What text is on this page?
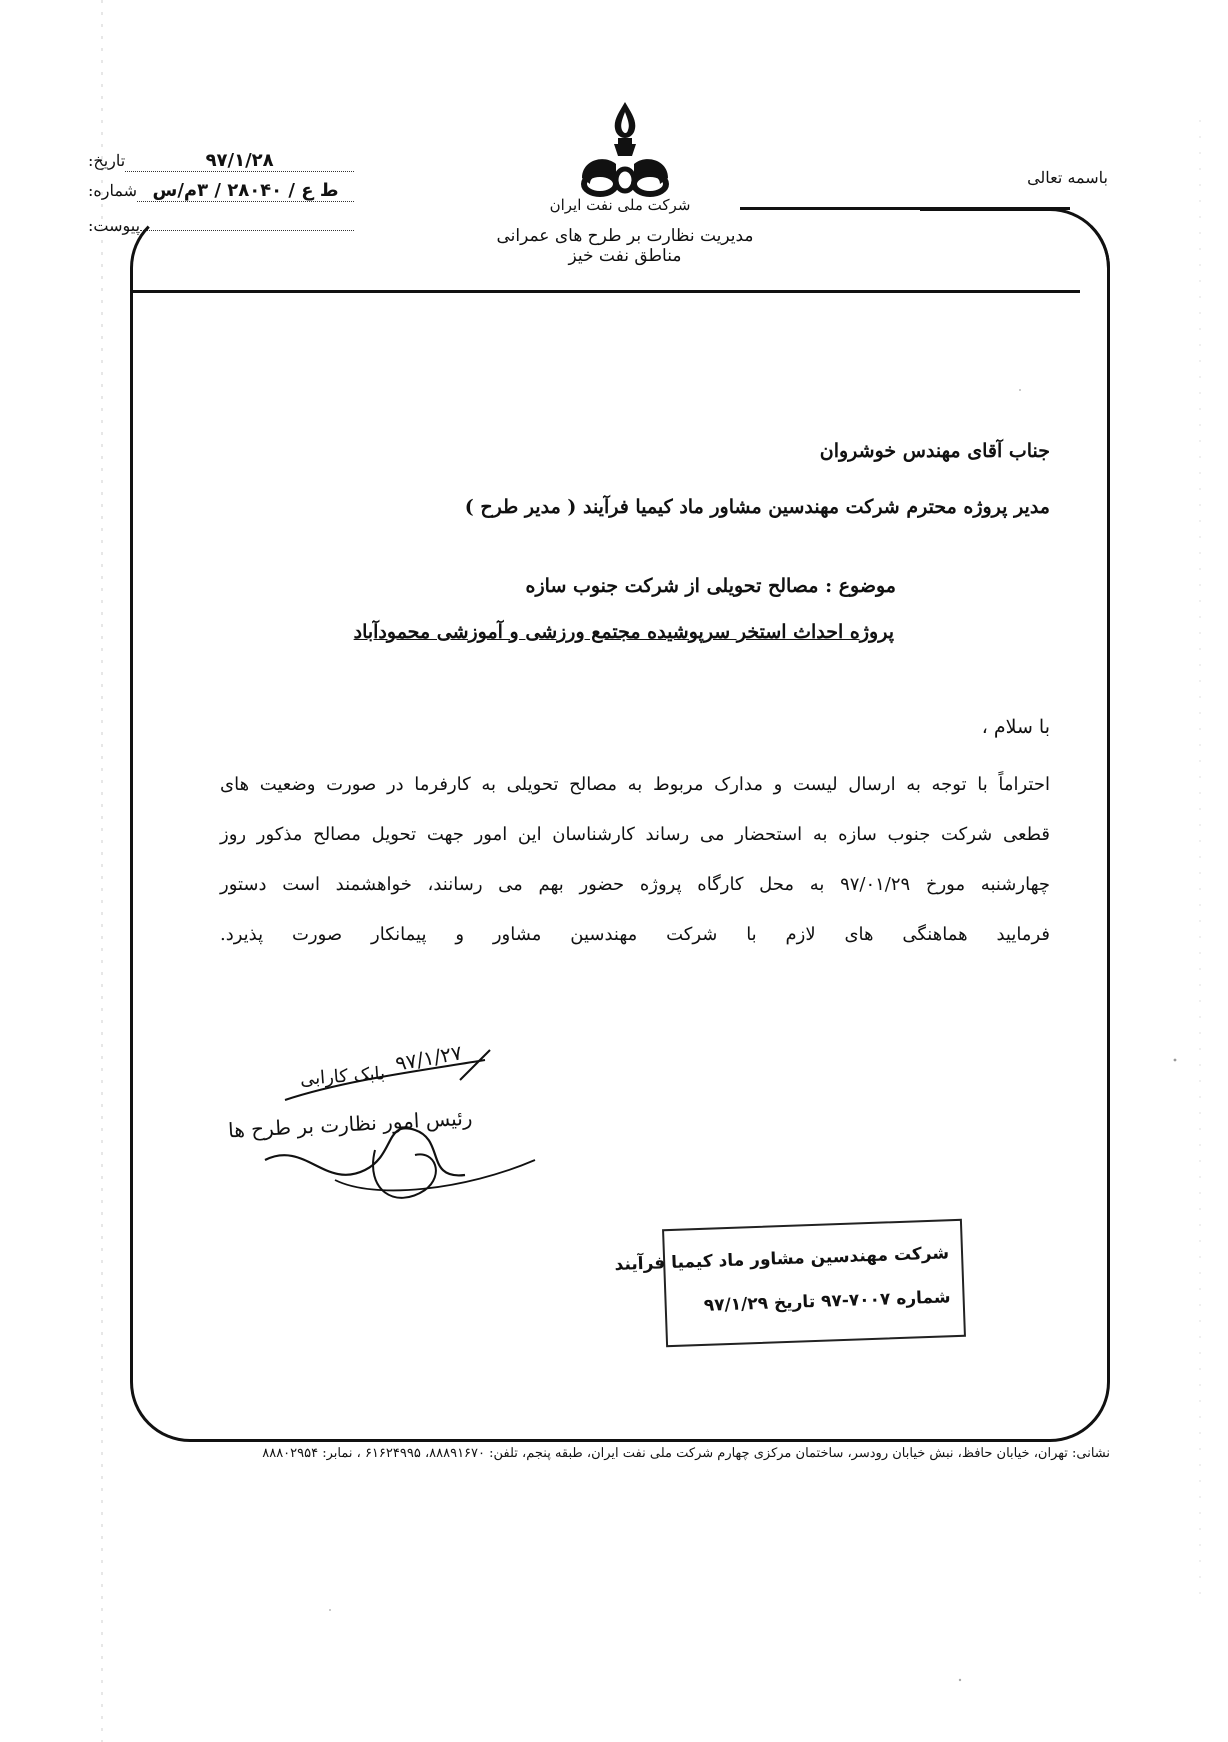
باسمه تعالی
شرکت ملی نفت ایران
مدیریت نظارت بر طرح های عمرانی مناطق نفت خیز
تاریخ:	۹۷/۱/۲۸
شماره: ط ع / ۲۸۰۴۰ / ۳م/س
پیوست:
جناب آقای مهندس خوشروان
مدیر پروژه محترم شرکت مهندسین مشاور ماد کیمیا فرآیند ( مدیر طرح )
موضوع : مصالح تحویلی از شرکت جنوب سازه
پروژه احداث استخر سرپوشیده مجتمع ورزشی و آموزشی محمودآباد
با سلام ،
احتراماً با توجه به ارسال لیست و مدارک مربوط به مصالح تحویلی به کارفرما در صورت وضعیت های
قطعی شرکت جنوب سازه به استحضار می رساند کارشناسان این امور جهت تحویل مصالح مذکور روز
چهارشنبه مورخ ۹۷/۰۱/۲۹ به محل کارگاه پروژه حضور بهم می رسانند، خواهشمند است دستور
فرمایید هماهنگی های لازم با شرکت مهندسین مشاور و پیمانکار صورت پذیرد.
بابک کارابی
۹۷/۱/۲۷
رئیس امور نظارت بر طرح ها
شرکت مهندسین مشاور ماد کیمیا فرآیند
شماره ۷۰۰۷-۹۷ تاریخ ۹۷/۱/۲۹
نشانی: تهران، خیابان حافظ، نبش خیابان رودسر، ساختمان مرکزی چهارم شرکت ملی نفت ایران، طبقه پنجم، تلفن: ۸۸۸۹۱۶۷۰، ۶۱۶۲۴۹۹۵ ، نمابر: ۸۸۸۰۲۹۵۴
